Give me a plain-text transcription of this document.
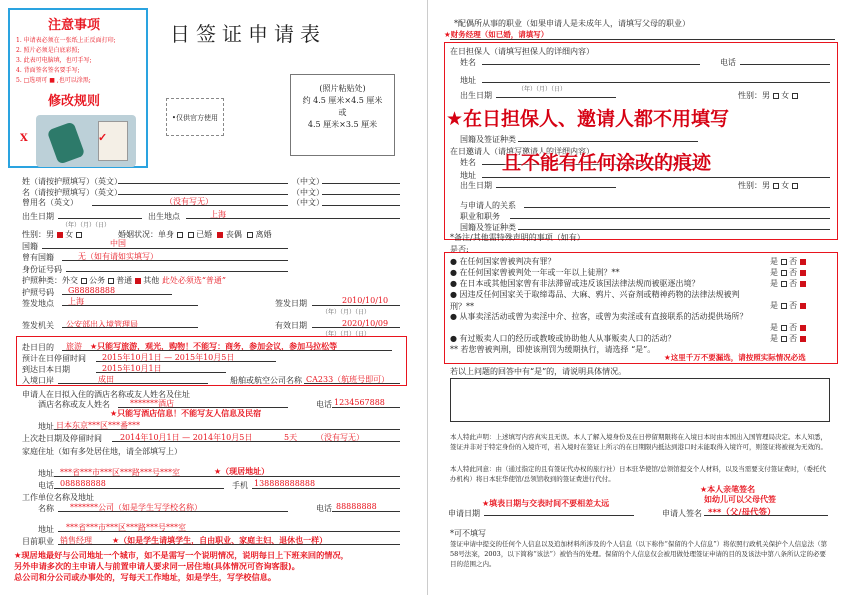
注意事项
1. 申请表必须在一张纸上正反面打印;
2. 照片必须是白底彩照;
3. 此表可电脑填，也可手写;
4. 背面签名签名要手写;
5. □选项可 ■ ,也可以涂黑;
修改规则
X	✓
日签证申请表
•仅供官方使用
(照片粘贴处)
约 4.5 厘米×4.5 厘米
或
4.5 厘米×3.5 厘米
姓（请按护照填写）（英文）	（中文）
名（请按护照填写）（英文）	（中文）
曾用名（英文）	（没有写无）	（中文）
出生日期	出生地点	上海
（年）（月）（日）
性别：男 女	婚姻状况：单身	已婚 丧偶 离婚
国籍	中国
曾有国籍	无（如有请如实填写）
身份证号码
护照种类：外交 公务 普通 其他 此处必须选“普通”
护照号码 G88888888
签发地点 上海	签发日期	2010/10/10
（年）（月）（日）
签发机关 公安部出入境管理局	有效日期	2020/10/09
（年）（月）（日）
赴日目的 旅游 ★只能写旅游，观光，购物！不能写：商务，参加会议，参加马拉松等
预计在日停留时间 2015年10月1日 — 2015年10月5日
到达日本日期	2015年10月1日
入境口岸	成田	船舶或航空公司名称 CA233（航班号即可）
申请人在日拟入住的酒店名称或友人姓名及住址
酒店名称或友人姓名	*******酒店
★只能写酒店信息！不能写友人信息及民宿
电话 1234567888
地址 日本东京***区***番***
上次赴日期及停留时间 2014年10月1日 — 2014年10月5日	5天 （没有写无）
家庭住址（如有多处居住地，请全部填写上）
地址 ***省***市***区***路***号***室	★（现居地址）
电话 088888888	手机 138888888888
工作单位名称及地址
名称 *******公司（如是学生写学校名称）	电话 88888888
地址 ***省***市***区***路***号***室
目前职业 销售经理	★（如是学生请填学生，自由职业、家庭主妇、退休也一样）
★现居地最好与公司地址一个城市，如不是需写一个说明情况，说明每日上下班来回的情况，
另外申请多次的主申请人与前置申请人要求同一居住地(具体情况可咨询客服)。
总公司和分公司或办事处的，写每天工作地址，如是学生，写学校信息。
*配偶所从事的职业（如果申请人是未成年人，请填写父母的职业）
★财务经理（如已婚，请填写）
在日担保人（请填写担保人的详细内容）
姓名	电话
地址
（年）（月）（日）
出生日期	性别：男 女
国籍及签证种类
在日邀请人（请填写邀请人的详细内容）
姓名
地址
出生日期	性别：男 女
与申请人的关系
职业和职务
国籍及签证种类
*备注/其他需特殊声明的事项（如有）
★在日担保人、邀请人都不用填写
且不能有任何涂改的痕迹
是否:
● 在任何国家曾被判决有罪？	是 否
● 在任何国家曾被判处一年或一年以上徒刑？**	是 否
● 在日本或其他国家曾有非法滞留或违反该国法律法规而被驱逐出境？	是 否
● 因违反任何国家关于取缔毒品、大麻、鸦片、兴奋剂或精神药物的法律法规被判刑？**	是 否
● 从事卖淫活动或曾为卖淫中介、拉客，或曾为卖淫或有直接联系的活动提供场所？
是 否
● 有过贩卖人口的经历或教唆或协助他人从事贩卖人口的活动？	是 否
** 若您曾被判刑，即使该刑罚为缓期执行，请选择 “是”。
★这里千万不要漏选，请按照实际情况必选
若以上问题的回答中有“是”的，请说明具体情况。
本人特此声明：上述填写内容真实且无误。本人了解入境身份及在日停留期限将在入境日本时由本国出入国管理局决定。本人知悉，签证并非对于特定身份的入境许可，若入境时在签证上所示的在日期限内抵达到港口时未能取得入境许可，则签证将被视为无效的。
本人特此同意：由（通过指定的且有签证代办权的旅行社）日本驻华使馆/总领馆提交个人材料，以及当需要支付签证费时，（委托代办机构）将日本驻华使馆/总领馆收到的签证费进行代付。
★本人亲笔签名
如幼儿可以父母代签
申请日期
★填表日期与交表时间不要相差太远
申请人签名 ***（父/母代签）
*可不填写
签证申请中提交的任何个人信息以及追加材料所涉及的个人信息（以下称作“保留的个人信息”）将依照行政机关保护个人信息法（第58号法案，2003，以下简称“该法”）被恰当的处理。保留的个人信息仅会被用做处理签证申请的目的及该法中第八条所认定的必要目的范围之内。
